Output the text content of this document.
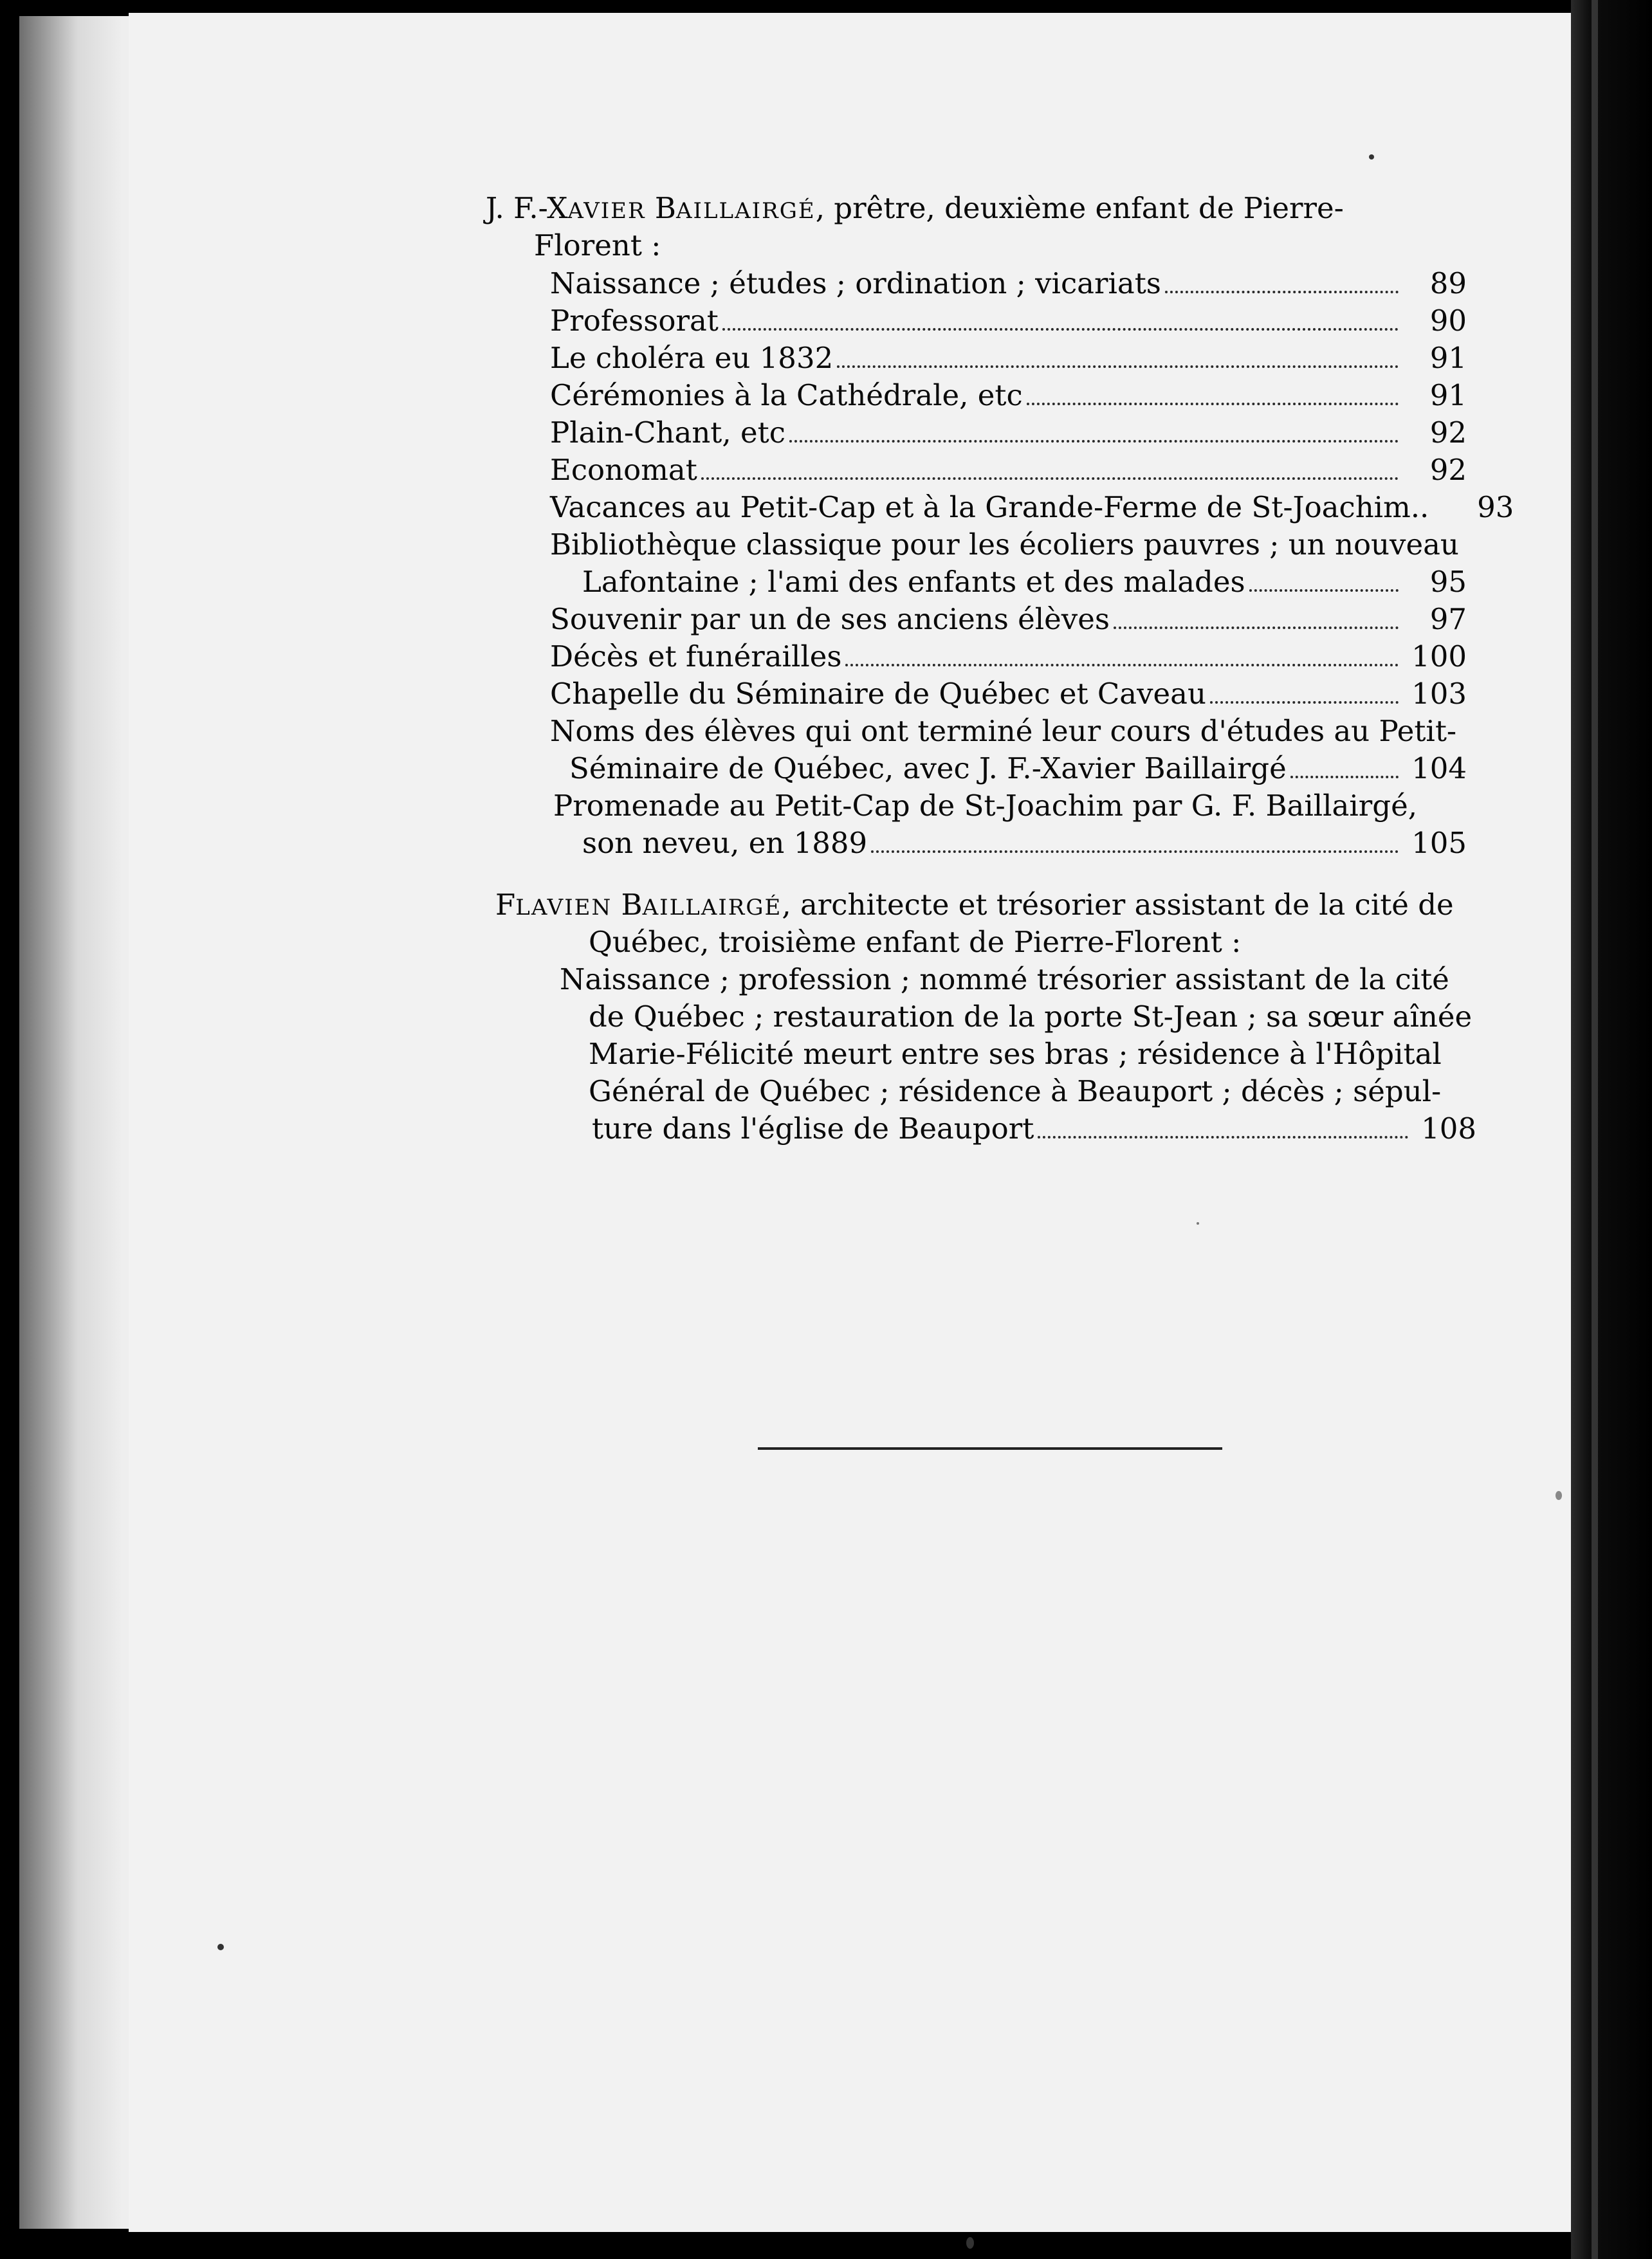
J. F.-XAVIER BAILLAIRGÉ, prêtre, deuxième enfant de Pierre-
Florent :
Naissance ; études ; ordination ; vicariats	89
Professorat	90
Le choléra eu 1832	91
Cérémonies à la Cathédrale, etc	91
Plain-Chant, etc	92
Economat	92
Vacances au Petit-Cap et à la Grande-Ferme de St-Joachim..	93
Bibliothèque classique pour les écoliers pauvres ; un nouveau
Lafontaine ; l'ami des enfants et des malades	95
Souvenir par un de ses anciens élèves	97
Décès et funérailles	100
Chapelle du Séminaire de Québec et Caveau	103
Noms des élèves qui ont terminé leur cours d'études au Petit-
Séminaire de Québec, avec J. F.-Xavier Baillairgé	104
Promenade au Petit-Cap de St-Joachim par G. F. Baillairgé,
son neveu, en 1889	105
FLAVIEN BAILLAIRGÉ, architecte et trésorier assistant de la cité de
Québec, troisième enfant de Pierre-Florent :
Naissance ; profession ; nommé trésorier assistant de la cité
de Québec ; restauration de la porte St-Jean ; sa sœur aînée
Marie-Félicité meurt entre ses bras ; résidence à l'Hôpital
Général de Québec ; résidence à Beauport ; décès ; sépul-
ture dans l'église de Beauport	108
